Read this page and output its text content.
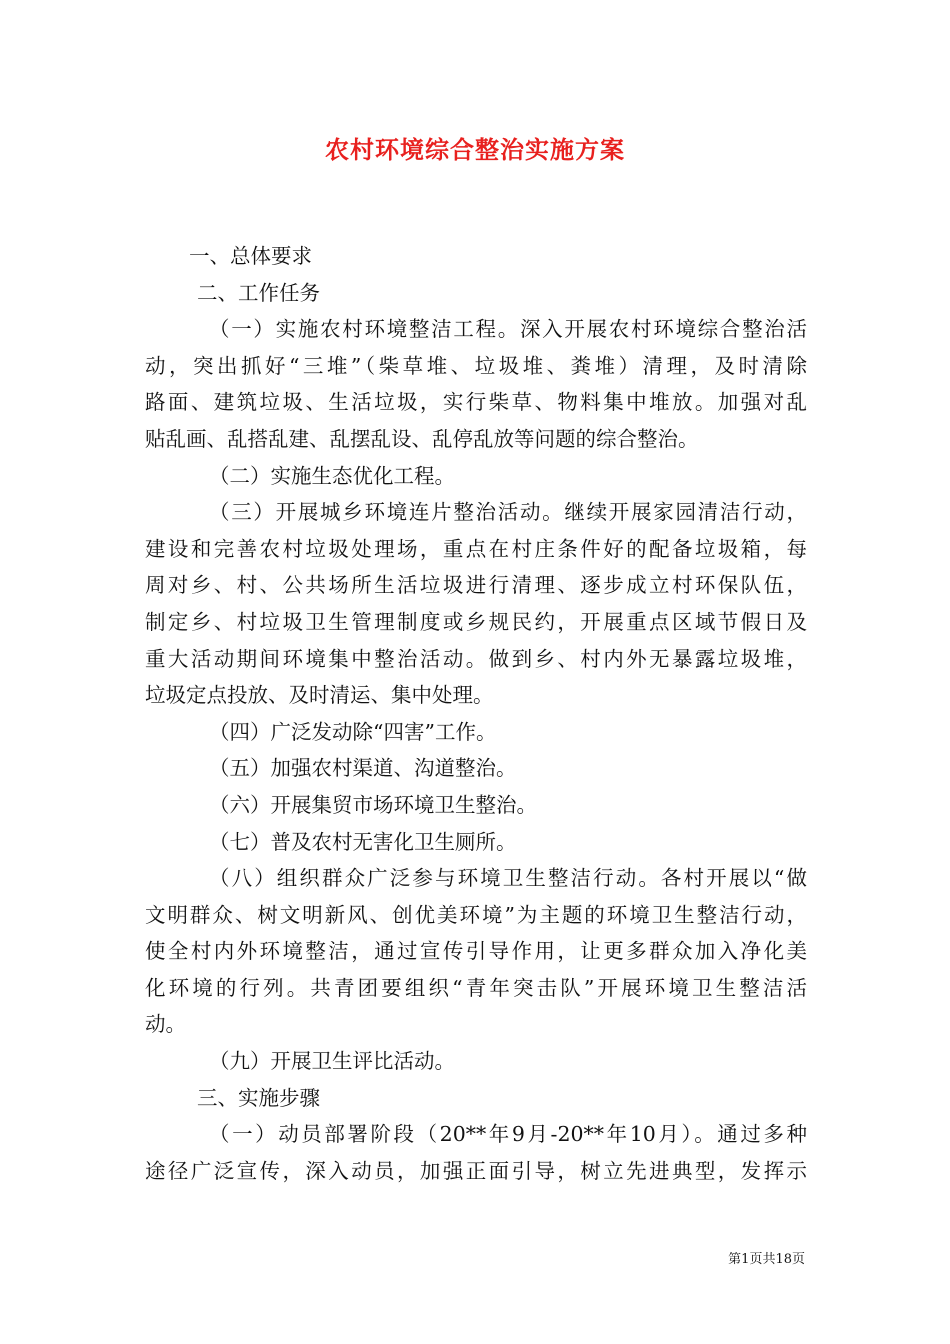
农村环境综合整治实施方案
一、总体要求
二、工作任务
（一）实施农村环境整洁工程。深入开展农村环境综合整治活
动，突出抓好“三堆”（柴草堆、垃圾堆、粪堆）清理，及时清除
路面、建筑垃圾、生活垃圾，实行柴草、物料集中堆放。加强对乱
贴乱画、乱搭乱建、乱摆乱设、乱停乱放等问题的综合整治。
（二）实施生态优化工程。
（三）开展城乡环境连片整治活动。继续开展家园清洁行动，
建设和完善农村垃圾处理场，重点在村庄条件好的配备垃圾箱，每
周对乡、村、公共场所生活垃圾进行清理、逐步成立村环保队伍，
制定乡、村垃圾卫生管理制度或乡规民约，开展重点区域节假日及
重大活动期间环境集中整治活动。做到乡、村内外无暴露垃圾堆，
垃圾定点投放、及时清运、集中处理。
（四）广泛发动除“四害”工作。
（五）加强农村渠道、沟道整治。
（六）开展集贸市场环境卫生整治。
（七）普及农村无害化卫生厕所。
（八）组织群众广泛参与环境卫生整洁行动。各村开展以“做
文明群众、树文明新风、创优美环境”为主题的环境卫生整洁行动，
使全村内外环境整洁，通过宣传引导作用，让更多群众加入净化美
化环境的行列。共青团要组织“青年突击队”开展环境卫生整洁活
动。
（九）开展卫生评比活动。
三、实施步骤
（一）动员部署阶段（20**年9月-20**年10月）。通过多种
途径广泛宣传，深入动员，加强正面引导，树立先进典型，发挥示
第1页共18页
